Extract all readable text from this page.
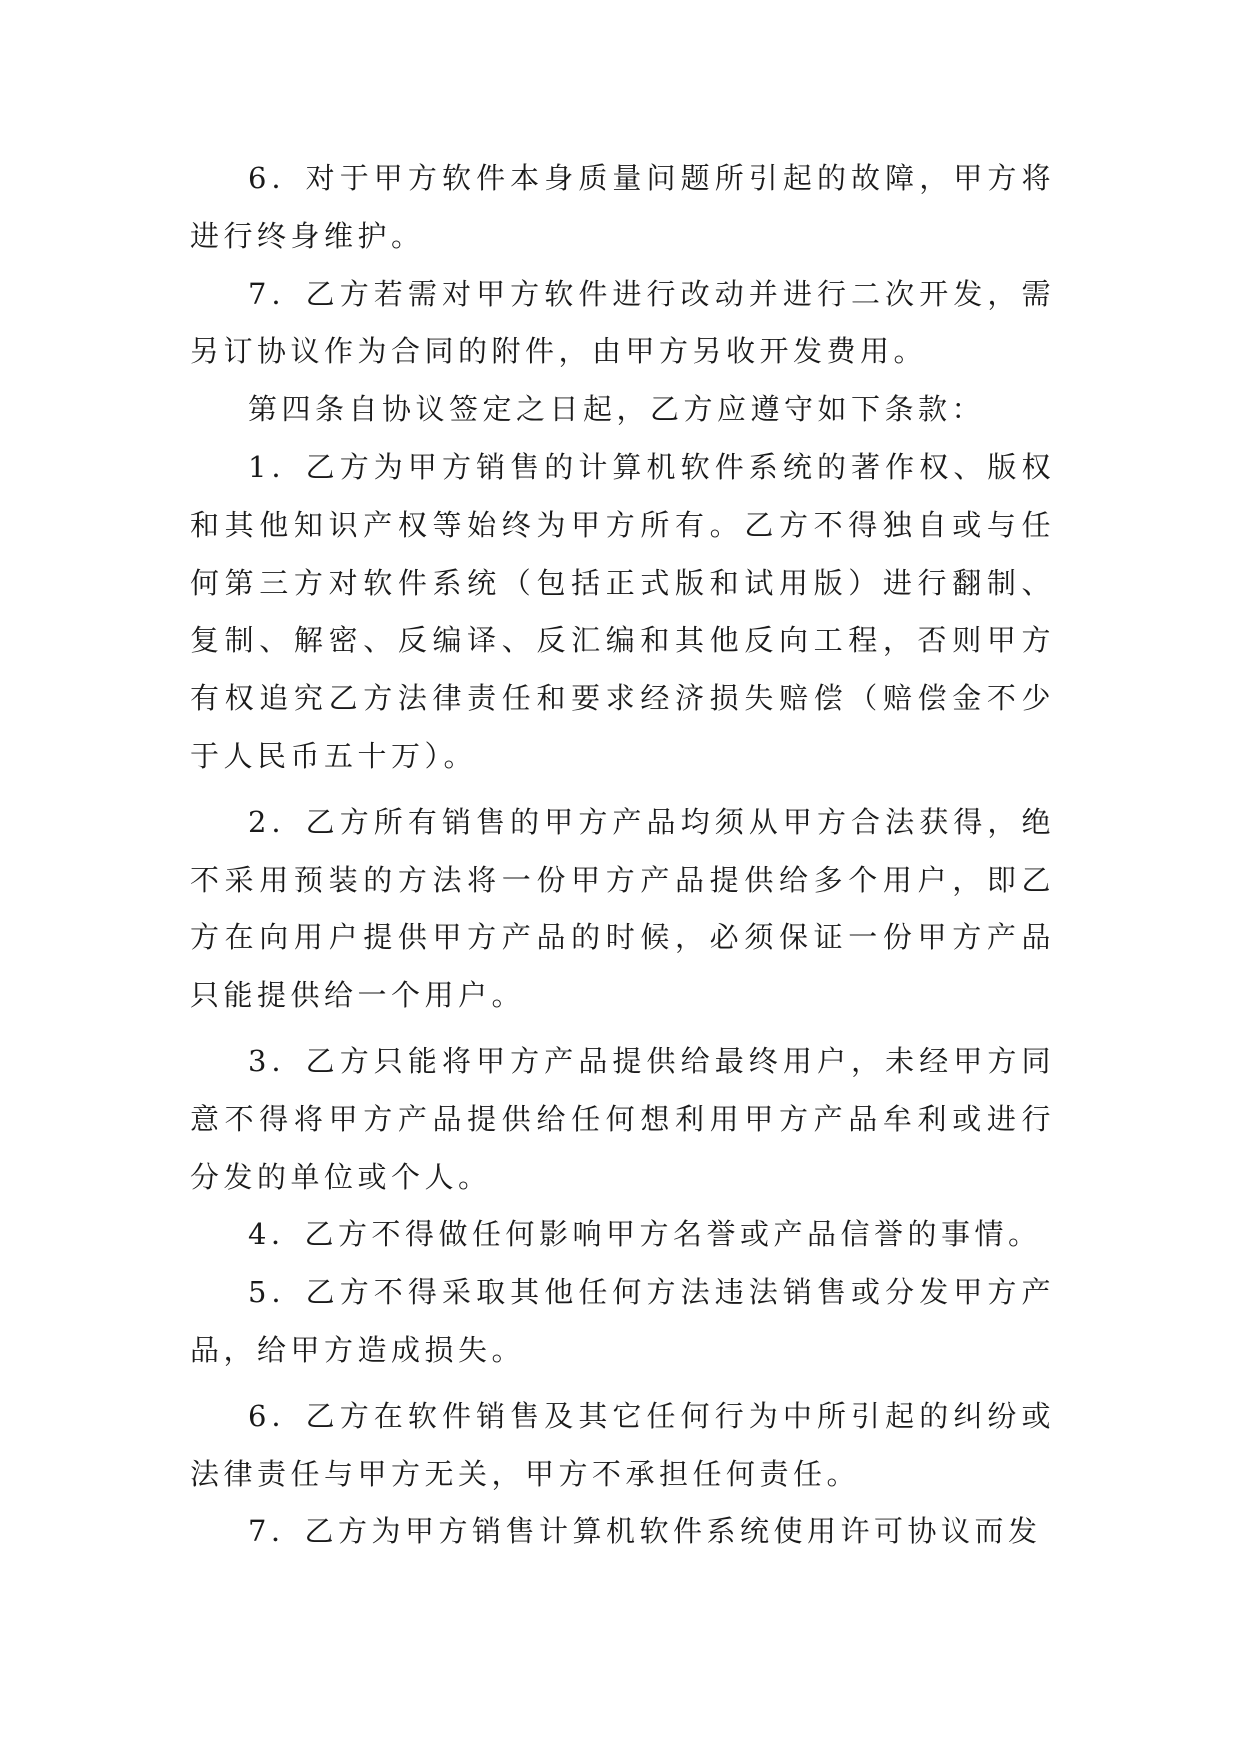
6．对于甲方软件本身质量问题所引起的故障，甲方将进行终身维护。

7．乙方若需对甲方软件进行改动并进行二次开发，需另订协议作为合同的附件，由甲方另收开发费用。

第四条自协议签定之日起，乙方应遵守如下条款：

1．乙方为甲方销售的计算机软件系统的著作权、版权和其他知识产权等始终为甲方所有。乙方不得独自或与任何第三方对软件系统（包括正式版和试用版）进行翻制、复制、解密、反编译、反汇编和其他反向工程，否则甲方有权追究乙方法律责任和要求经济损失赔偿（赔偿金不少于人民币五十万）。

2．乙方所有销售的甲方产品均须从甲方合法获得，绝不采用预装的方法将一份甲方产品提供给多个用户，即乙方在向用户提供甲方产品的时候，必须保证一份甲方产品只能提供给一个用户。

3．乙方只能将甲方产品提供给最终用户，未经甲方同意不得将甲方产品提供给任何想利用甲方产品牟利或进行分发的单位或个人。

4．乙方不得做任何影响甲方名誉或产品信誉的事情。

5．乙方不得采取其他任何方法违法销售或分发甲方产品，给甲方造成损失。

6．乙方在软件销售及其它任何行为中所引起的纠纷或法律责任与甲方无关，甲方不承担任何责任。

7．乙方为甲方销售计算机软件系统使用许可协议而发
